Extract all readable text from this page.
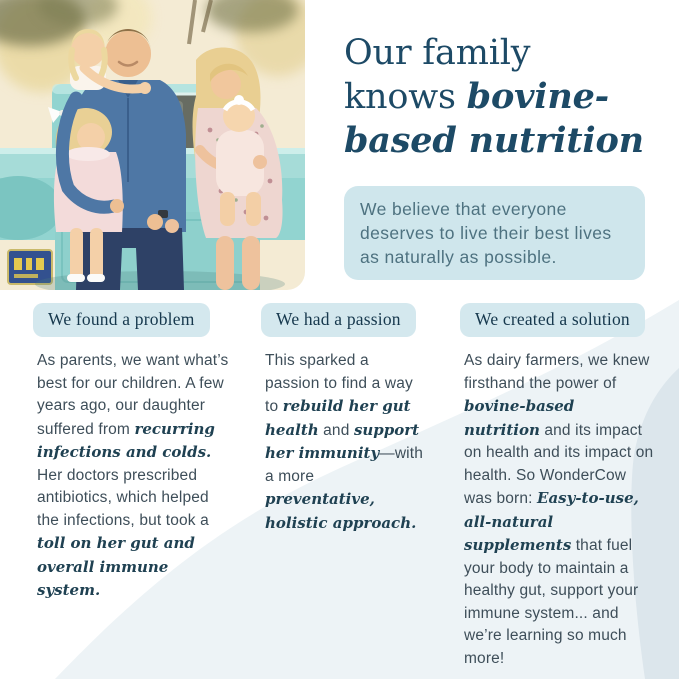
Our family
knows bovine-
based nutrition
We believe that everyone deserves to live their best lives as naturally as possible.
We found a problem

As parents, we want what’s best for our children. A few years ago, our daughter suffered from recurring infections and colds.

Her doctors prescribed antibiotics, which helped the infections, but took a toll on her gut and overall immune system.

We had a passion

This sparked a passion to find a way to rebuild her gut health and support her immunity—with a more preventative, holistic approach.

We created a solution

As dairy farmers, we knew firsthand the power of bovine-based nutrition and its impact on health and its impact on health. So WonderCow was born: Easy-to-use, all-natural supplements that fuel your body to maintain a healthy gut, support your immune system... and we’re learning so much more!
